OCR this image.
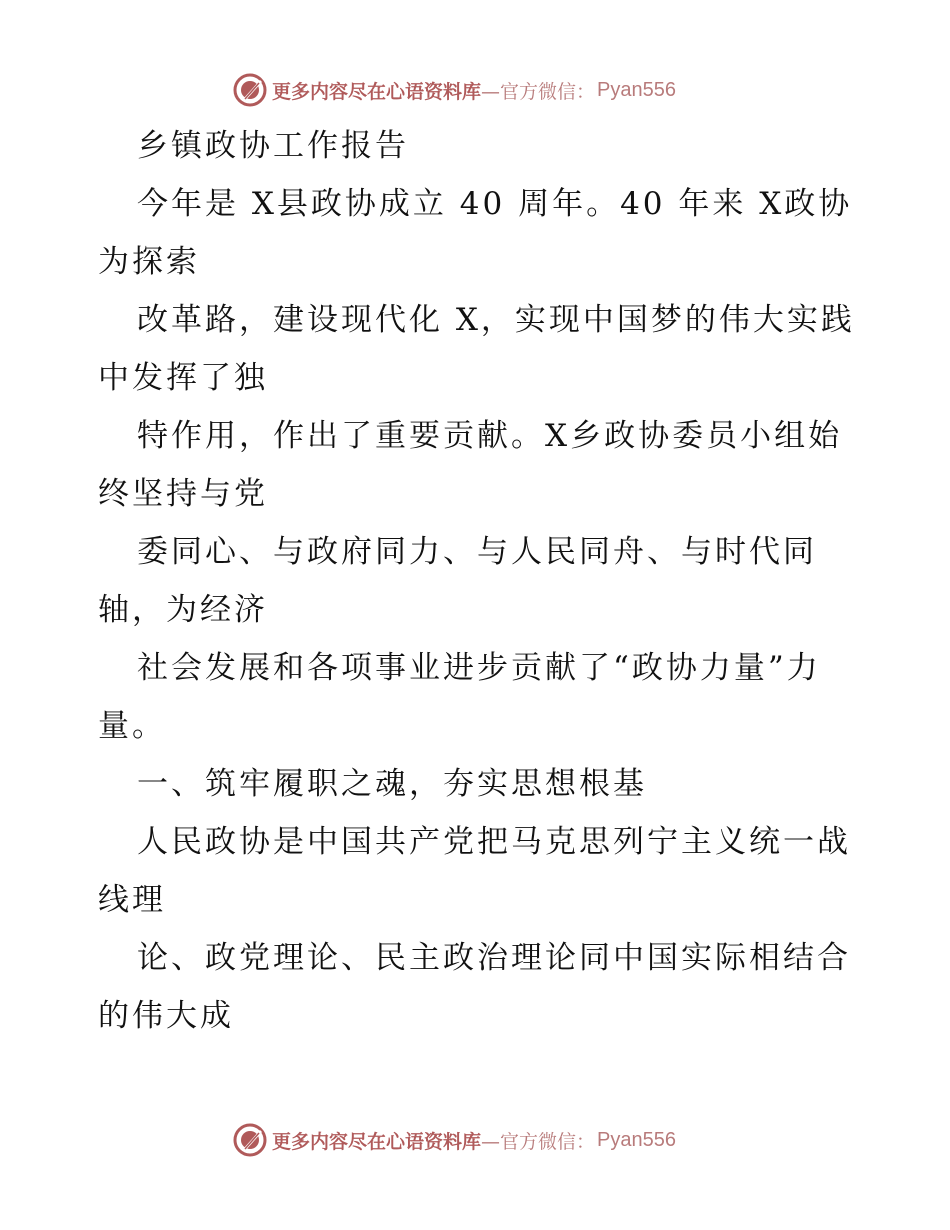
更多内容尽在心语资料库 —官方微信： Pyan556
乡镇政协工作报告
今年是 X县政协成立 40 周年。40 年来 X政协
为探索
改革路，建设现代化 X，实现中国梦的伟大实践
中发挥了独
特作用，作出了重要贡献。X乡政协委员小组始
终坚持与党
委同心、与政府同力、与人民同舟、与时代同
轴，为经济
社会发展和各项事业进步贡献了“政协力量”力
量。
一、筑牢履职之魂，夯实思想根基
人民政协是中国共产党把马克思列宁主义统一战
线理
论、政党理论、民主政治理论同中国实际相结合
的伟大成
更多内容尽在心语资料库 —官方微信： Pyan556
